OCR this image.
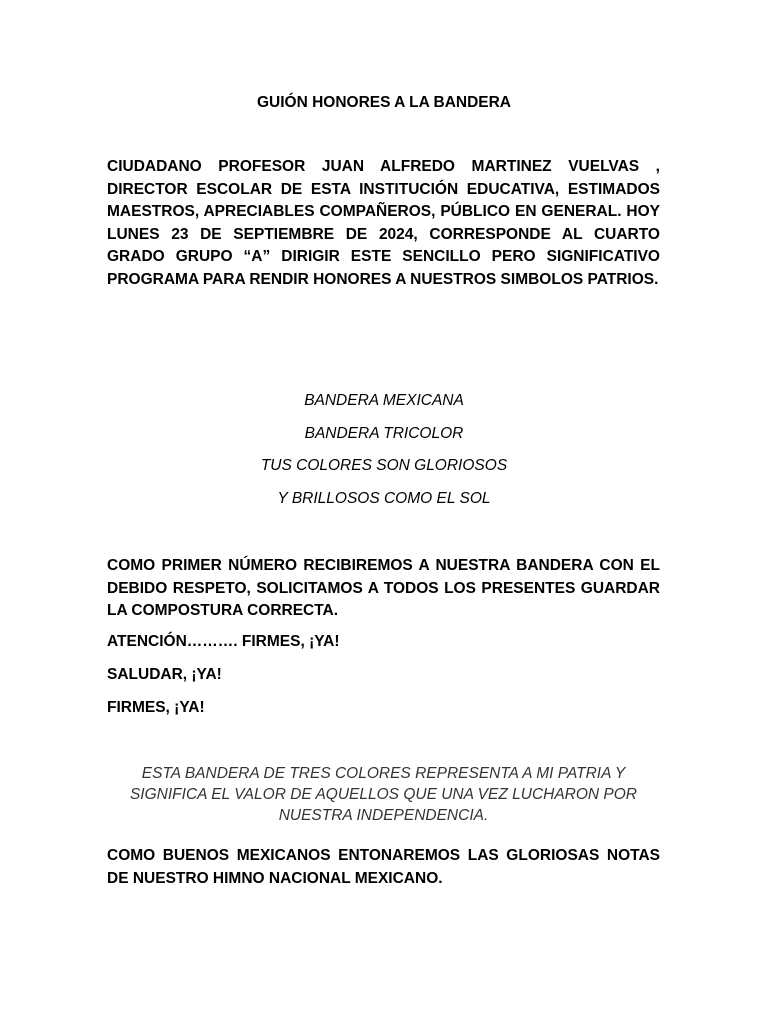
GUIÓN HONORES A LA BANDERA

CIUDADANO PROFESOR JUAN ALFREDO MARTINEZ VUELVAS , DIRECTOR ESCOLAR DE ESTA INSTITUCIÓN EDUCATIVA, ESTIMADOS MAESTROS, APRECIABLES COMPAÑEROS, PÚBLICO EN GENERAL. HOY LUNES 23 DE SEPTIEMBRE DE 2024, CORRESPONDE AL CUARTO GRADO GRUPO “A” DIRIGIR ESTE SENCILLO PERO SIGNIFICATIVO PROGRAMA PARA RENDIR HONORES A NUESTROS SIMBOLOS PATRIOS.

BANDERA MEXICANA

BANDERA TRICOLOR

TUS COLORES SON GLORIOSOS

Y BRILLOSOS COMO EL SOL

COMO PRIMER NÚMERO RECIBIREMOS A NUESTRA BANDERA CON EL DEBIDO RESPETO, SOLICITAMOS A TODOS LOS PRESENTES GUARDAR LA COMPOSTURA CORRECTA.

ATENCIÓN………. FIRMES, ¡YA!

SALUDAR, ¡YA!

FIRMES, ¡YA!

ESTA BANDERA DE TRES COLORES REPRESENTA A MI PATRIA Y SIGNIFICA EL VALOR DE AQUELLOS QUE UNA VEZ LUCHARON POR NUESTRA INDEPENDENCIA.

COMO BUENOS MEXICANOS ENTONAREMOS LAS GLORIOSAS NOTAS DE NUESTRO HIMNO NACIONAL MEXICANO.
